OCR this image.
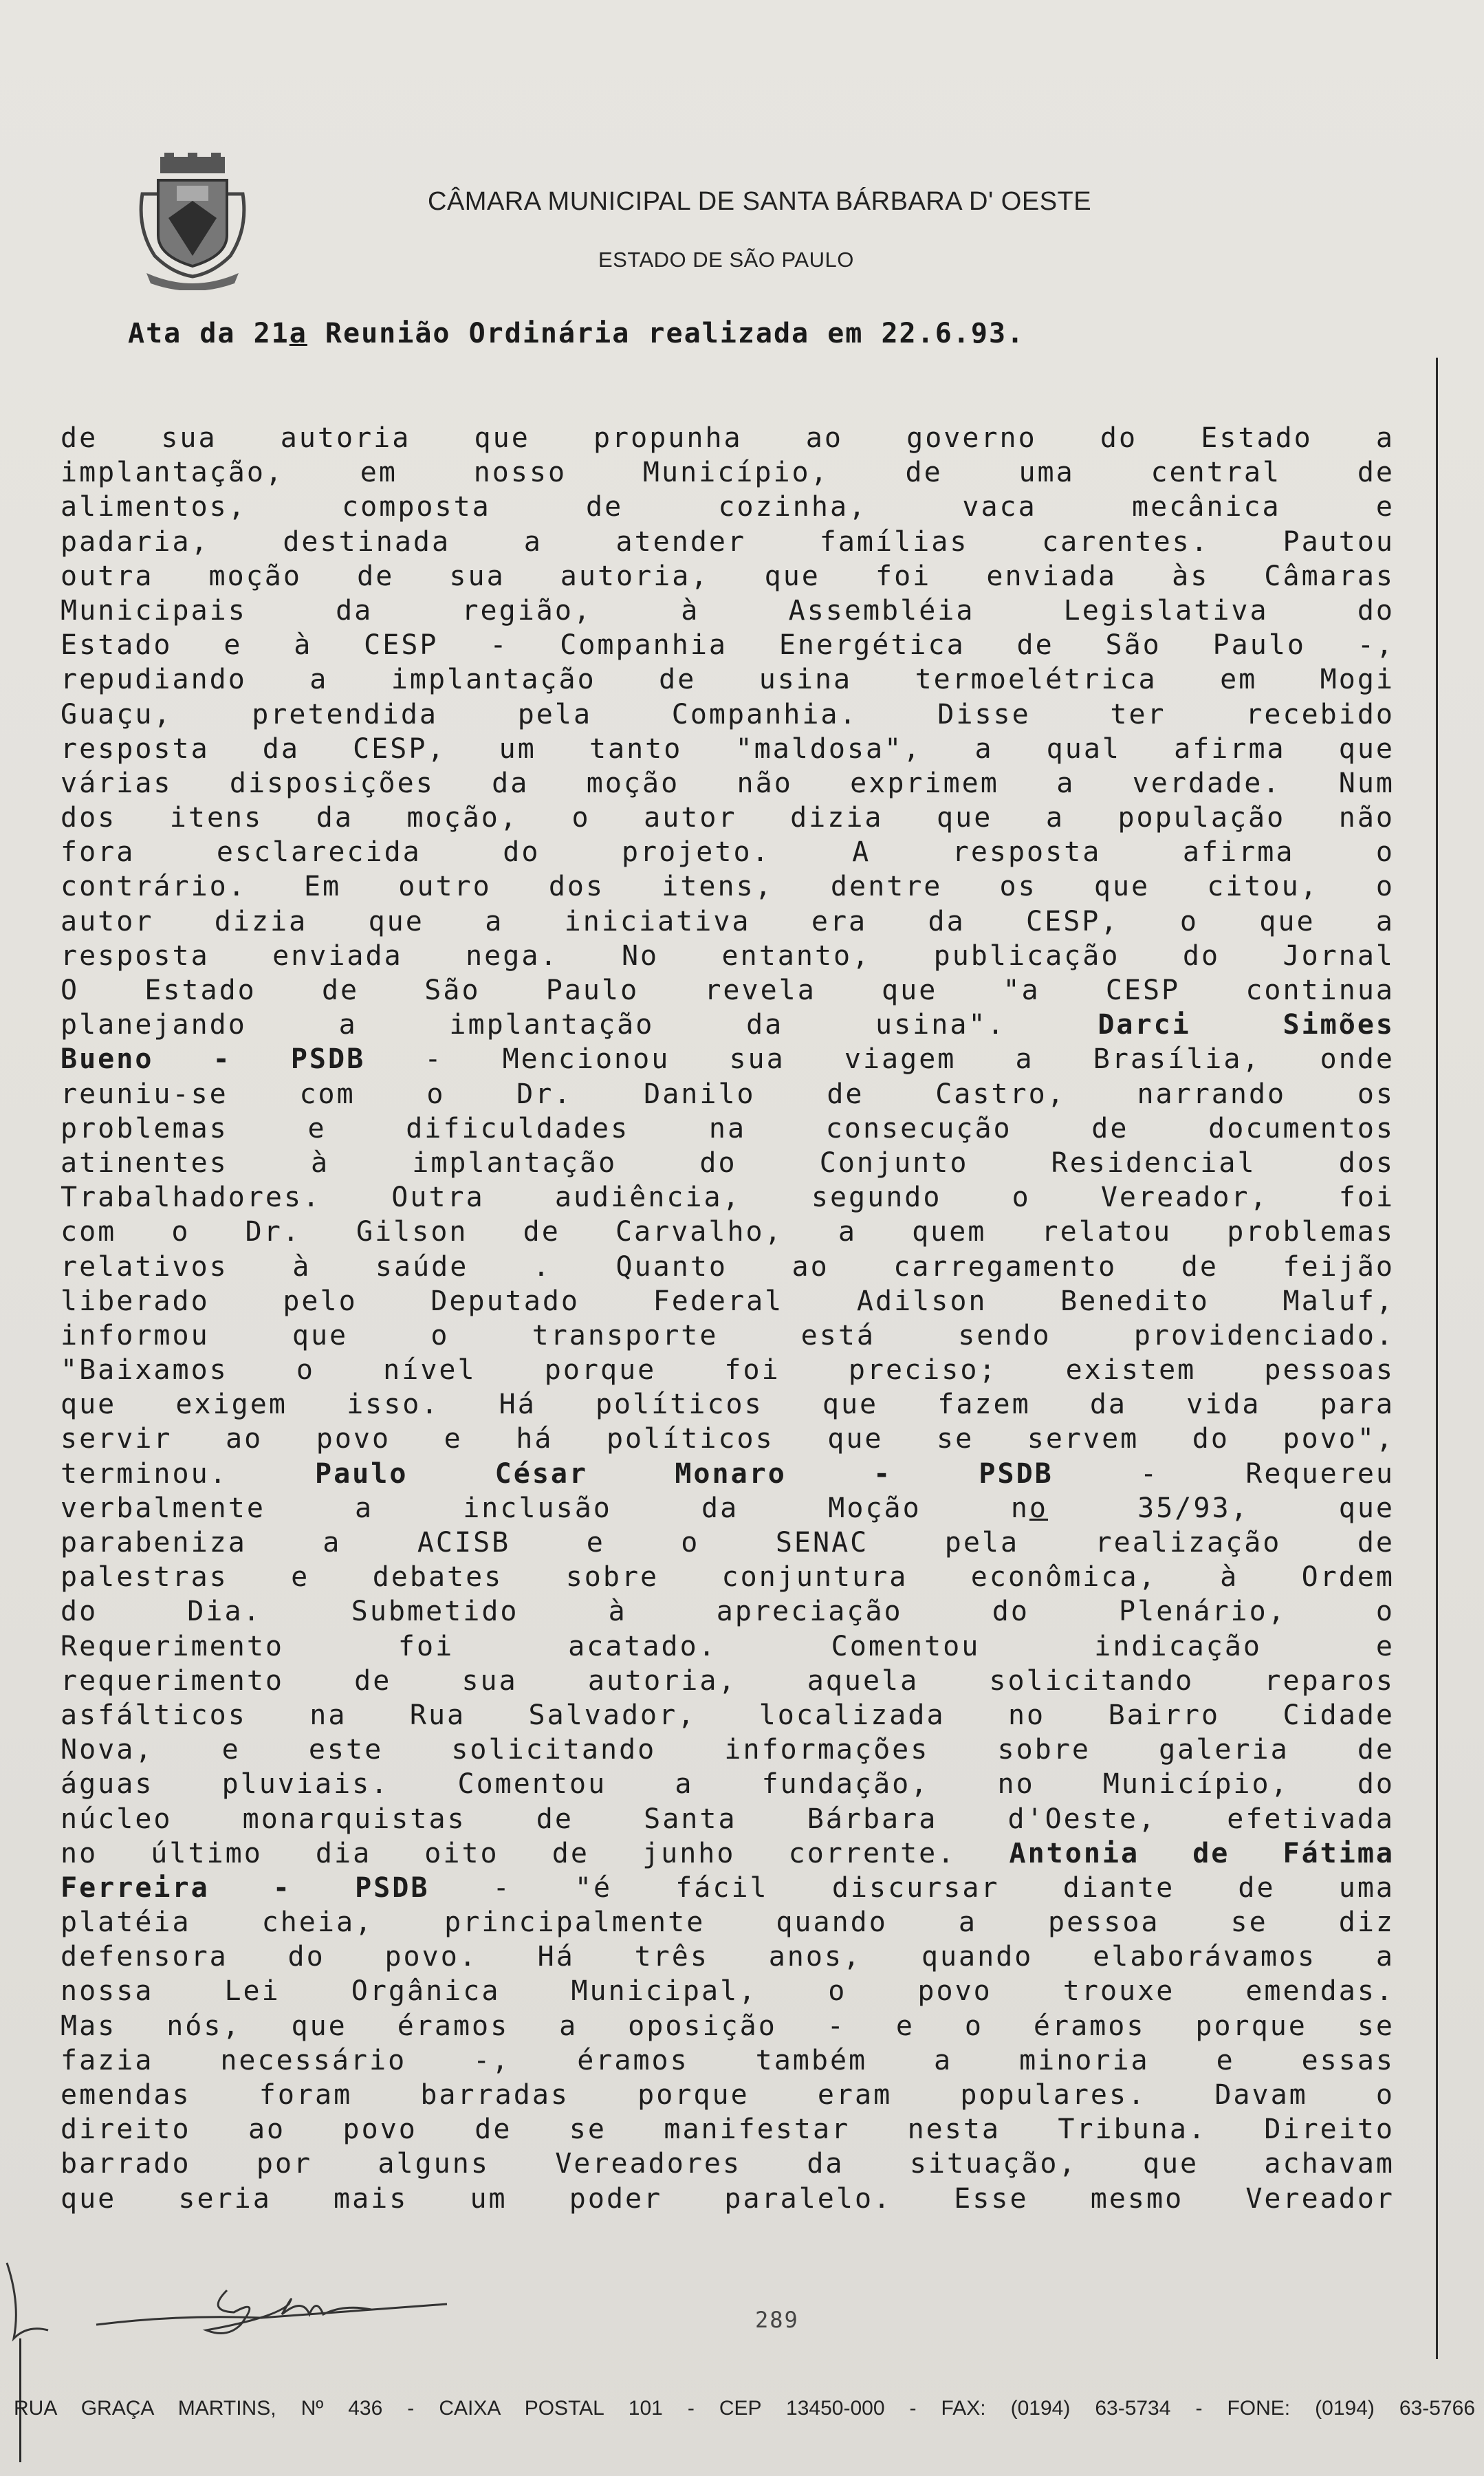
CÂMARA MUNICIPAL DE SANTA BÁRBARA D' OESTE
ESTADO DE SÃO PAULO
Ata da 21a Reunião Ordinária realizada em 22.6.93.
de sua autoria que propunha ao governo do Estado a
implantação, em nosso Município, de uma central de
alimentos, composta de cozinha, vaca mecânica e
padaria, destinada a atender famílias carentes. Pautou
outra moção de sua autoria, que foi enviada às Câmaras
Municipais da região, à Assembléia Legislativa do
Estado e à CESP - Companhia Energética de São Paulo -,
repudiando a implantação de usina termoelétrica em Mogi
Guaçu, pretendida pela Companhia. Disse ter recebido
resposta da CESP, um tanto "maldosa", a qual afirma que
várias disposições da moção não exprimem a verdade. Num
dos itens da moção, o autor dizia que a população não
fora esclarecida do projeto. A resposta afirma o
contrário. Em outro dos itens, dentre os que citou, o
autor dizia que a iniciativa era da CESP, o que a
resposta enviada nega. No entanto, publicação do Jornal
O Estado de São Paulo revela que "a CESP continua
planejando a implantação da usina".	Darci Simões
Bueno - PSDB - Mencionou sua viagem a Brasília, onde
reuniu-se com o Dr. Danilo de Castro, narrando os
problemas e dificuldades na consecução de documentos
atinentes à implantação do Conjunto Residencial dos
Trabalhadores. Outra audiência, segundo o Vereador, foi
com o Dr. Gilson de Carvalho, a quem relatou problemas
relativos à saúde . Quanto ao carregamento de feijão
liberado pelo Deputado Federal Adilson Benedito Maluf,
informou que o transporte está sendo providenciado.
"Baixamos o nível porque foi preciso; existem pessoas
que exigem isso. Há políticos que fazem da vida para
servir ao povo e há políticos que se servem do povo",
terminou. Paulo César Monaro - PSDB - Requereu
verbalmente a inclusão da Moção no 35/93, que
parabeniza a ACISB e o SENAC pela realização de
palestras e debates sobre conjuntura econômica, à Ordem
do Dia. Submetido à apreciação do Plenário, o
Requerimento foi acatado. Comentou indicação e
requerimento de sua autoria, aquela solicitando reparos
asfálticos na Rua Salvador, localizada no Bairro Cidade
Nova, e este solicitando informações sobre galeria de
águas pluviais. Comentou a fundação, no Município, do
núcleo monarquistas de Santa Bárbara d'Oeste, efetivada
no último dia oito de junho corrente. Antonia de Fátima
Ferreira - PSDB - "é fácil discursar diante de uma
platéia cheia, principalmente quando a pessoa se diz
defensora do povo. Há três anos, quando elaborávamos a
nossa Lei Orgânica Municipal, o povo trouxe emendas.
Mas nós, que éramos a oposição - e o éramos porque se
fazia necessário -, éramos também a minoria e essas
emendas foram barradas porque eram populares. Davam o
direito ao povo de se manifestar nesta Tribuna. Direito
barrado por alguns Vereadores da situação, que achavam
que seria mais um poder paralelo. Esse mesmo Vereador
289
RUA GRAÇA MARTINS, Nº 436 - CAIXA POSTAL 101 - CEP 13450-000 - FAX: (0194) 63-5734 - FONE: (0194) 63-5766
